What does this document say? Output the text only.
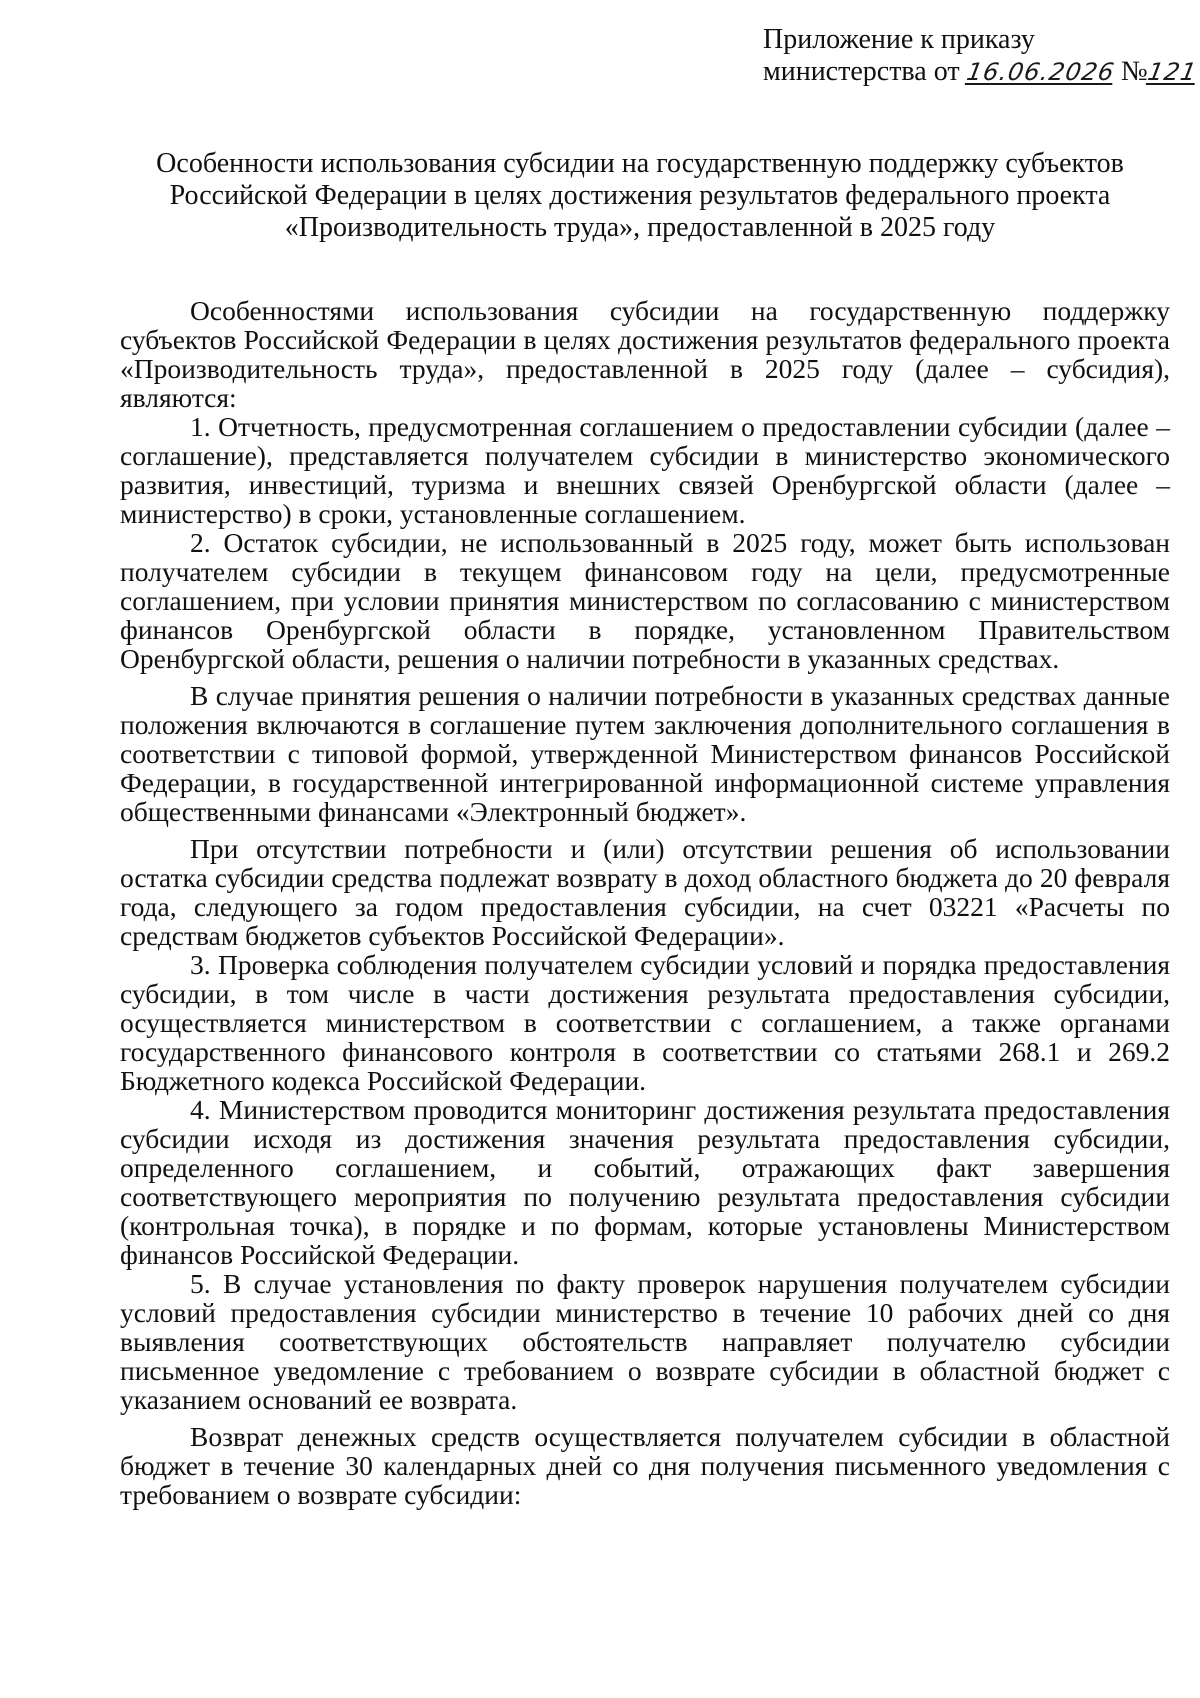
Приложение к приказу
министерства от 16.06.2026 №121
Особенности использования субсидии на государственную поддержку субъектов
Российской Федерации в целях достижения результатов федерального проекта
«Производительность труда», предоставленной в 2025 году

Особенностями использования субсидии на государственную поддержку субъектов Российской Федерации в целях достижения результатов федерального проекта «Производительность труда», предоставленной в 2025 году (далее – субсидия), являются:

1. Отчетность, предусмотренная соглашением о предоставлении субсидии (далее – соглашение), представляется получателем субсидии в министерство экономического развития, инвестиций, туризма и внешних связей Оренбургской области (далее – министерство) в сроки, установленные соглашением.

2. Остаток субсидии, не использованный в 2025 году, может быть использован получателем субсидии в текущем финансовом году на цели, предусмотренные соглашением, при условии принятия министерством по согласованию с министерством финансов Оренбургской области в порядке, установленном Правительством Оренбургской области, решения о наличии потребности в указанных средствах.

В случае принятия решения о наличии потребности в указанных средствах данные положения включаются в соглашение путем заключения дополнительного соглашения в соответствии с типовой формой, утвержденной Министерством финансов Российской Федерации, в государственной интегрированной информационной системе управления общественными финансами «Электронный бюджет».

При отсутствии потребности и (или) отсутствии решения об использовании остатка субсидии средства подлежат возврату в доход областного бюджета до 20 февраля года, следующего за годом предоставления субсидии, на счет 03221 «Расчеты по средствам бюджетов субъектов Российской Федерации».

3. Проверка соблюдения получателем субсидии условий и порядка предоставления субсидии, в том числе в части достижения результата предоставления субсидии, осуществляется министерством в соответствии с соглашением, а также органами государственного финансового контроля в соответствии со статьями 268.1 и 269.2 Бюджетного кодекса Российской Федерации.

4. Министерством проводится мониторинг достижения результата предоставления субсидии исходя из достижения значения результата предоставления субсидии, определенного соглашением, и событий, отражающих факт завершения соответствующего мероприятия по получению результата предоставления субсидии (контрольная точка), в порядке и по формам, которые установлены Министерством финансов Российской Федерации.

5. В случае установления по факту проверок нарушения получателем субсидии условий предоставления субсидии министерство в течение 10 рабочих дней со дня выявления соответствующих обстоятельств направляет получателю субсидии письменное уведомление с требованием о возврате субсидии в областной бюджет с указанием оснований ее возврата.

Возврат денежных средств осуществляется получателем субсидии в областной бюджет в течение 30 календарных дней со дня получения письменного уведомления с требованием о возврате субсидии:
